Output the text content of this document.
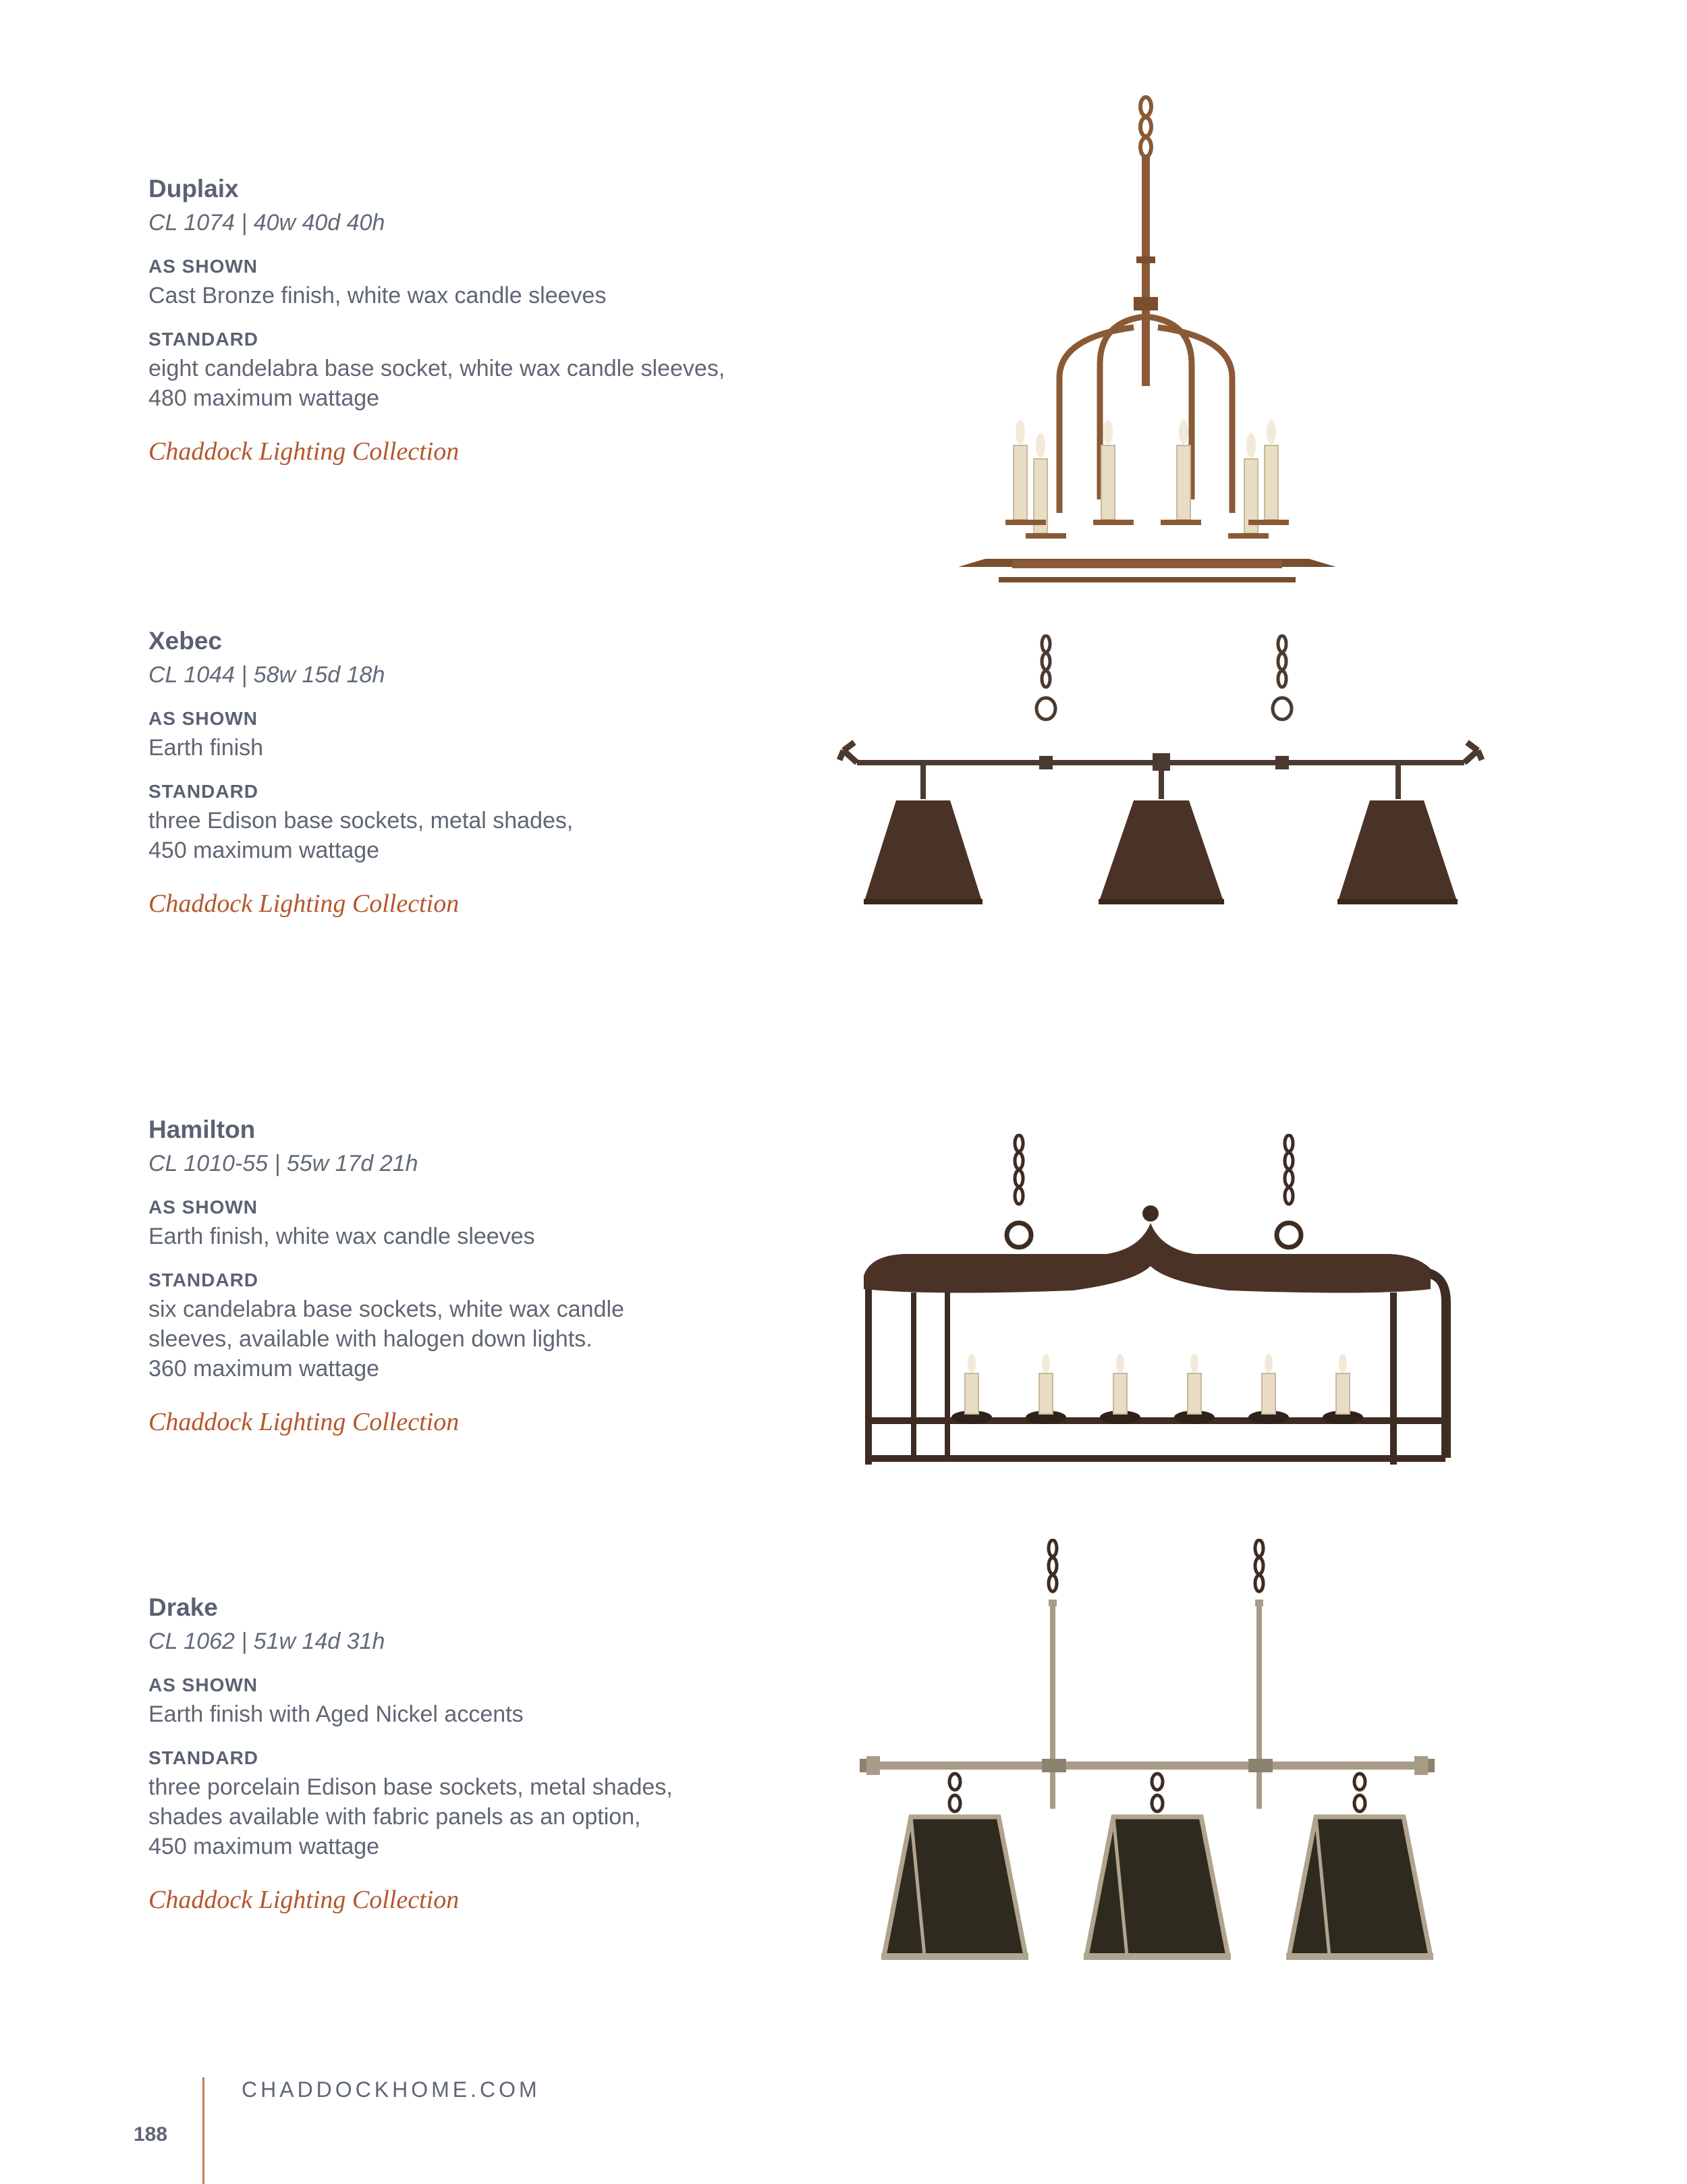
Duplaix

CL 1074 | 40w 40d 40h

AS SHOWN

Cast Bronze finish, white wax candle sleeves

STANDARD

eight candelabra base socket, white wax candle sleeves,
480 maximum wattage

Chaddock Lighting Collection

Xebec

CL 1044 | 58w 15d 18h

AS SHOWN

Earth finish

STANDARD

three Edison base sockets, metal shades,
450 maximum wattage

Chaddock Lighting Collection

Hamilton

CL 1010-55 | 55w 17d 21h

AS SHOWN

Earth finish, white wax candle sleeves

STANDARD

six candelabra base sockets, white wax candle
sleeves, available with halogen down lights.
360 maximum wattage

Chaddock Lighting Collection

Drake

CL 1062 | 51w 14d 31h

AS SHOWN

Earth finish with Aged Nickel accents

STANDARD

three porcelain Edison base sockets, metal shades,
shades available with fabric panels as an option,
450 maximum wattage

Chaddock Lighting Collection

CHADDOCKHOME.COM
188
